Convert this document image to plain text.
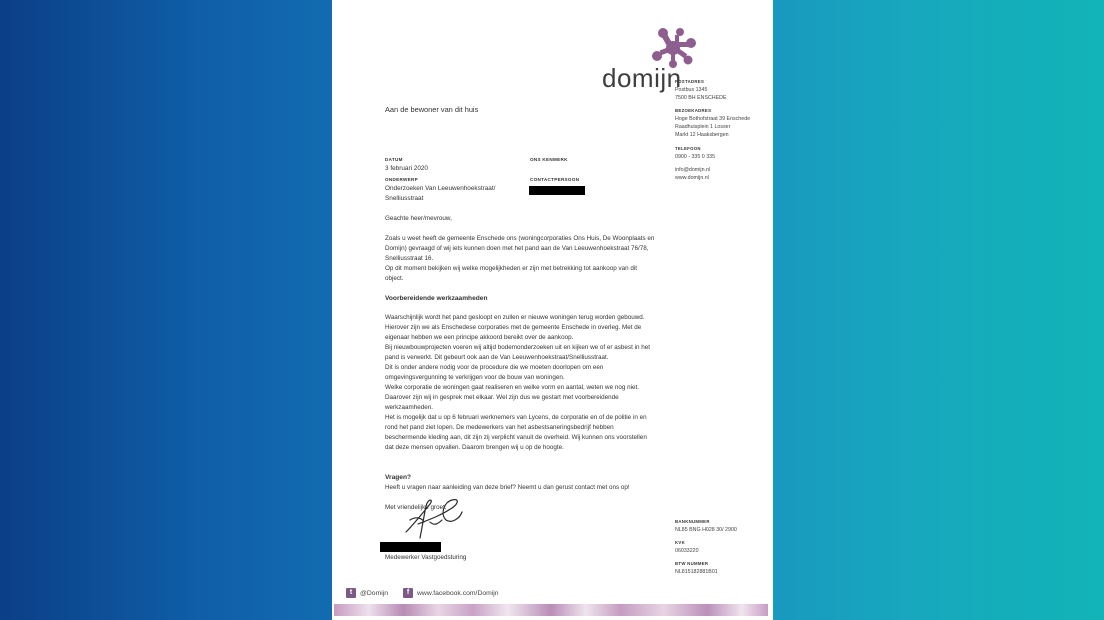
domijn
POSTADRES
Postbus 1345
7500 BH ENSCHEDE
BEZOEKADRES
Hoge Bothofstraat 39 Enschede
Raadhuisplein 1 Losser
Markt 12 Haaksbergen
TELEFOON
0900 - 335 0 335
info@domijn.nl
www.domijn.nl
BANKNUMMER
NL85 BNG H028 30/ 2900
KVK
06033220
BTW NUMMER
NL815182881B01
Aan de bewoner van dit huis
DATUM
3 februari 2020
ONS KENMERK
ONDERWERP
Onderzoeken Van Leeuwenhoekstraat/
Snelliusstraat
CONTACTPERSOON
Geachte heer/mevrouw,
Zoals u weet heeft de gemeente Enschede ons (woningcorporaties Ons Huis, De Woonplaats en
Domijn) gevraagd of wij iets kunnen doen met het pand aan de Van Leeuwenhoekstraat 76/78,
Snelliusstraat 16.
Op dit moment bekijken wij welke mogelijkheden er zijn met betrekking tot aankoop van dit
object.
Voorbereidende werkzaamheden
Waarschijnlijk wordt het pand gesloopt en zullen er nieuwe woningen terug worden gebouwd.
Hierover zijn we als Enschedese corporaties met de gemeente Enschede in overleg. Met de
eigenaar hebben we een principe akkoord bereikt over de aankoop.
Bij nieuwbouwprojecten voeren wij altijd bodemonderzoeken uit en kijken we of er asbest in het
pand is verwerkt. Dit gebeurt ook aan de Van Leeuwenhoekstraat/Snelliusstraat.
Dit is onder andere nodig voor de procedure die we moeten doorlopen om een
omgevingsvergunning te verkrijgen voor de bouw van woningen.
Welke corporatie de woningen gaat realiseren en welke vorm en aantal, weten we nog niet.
Daarover zijn wij in gesprek met elkaar. Wel zijn dus we gestart met voorbereidende
werkzaamheden.
Het is mogelijk dat u op 6 februari werknemers van Lycens, de corporatie en of de politie in en
rond het pand ziet lopen. De medewerkers van het asbestsaneringsbedrijf hebben
beschermende kleding aan, dit zijn zij verplicht vanuit de overheid. Wij kunnen ons voorstellen
dat deze mensen opvallen. Daarom brengen wij u op de hoogte.
Vragen?
Heeft u vragen naar aanleiding van deze brief? Neemt u dan gerust contact met ons op!
Met vriendelijke groet,
Medewerker Vastgoedsturing
t	@Domijn	f	www.facebook.com/Domijn
